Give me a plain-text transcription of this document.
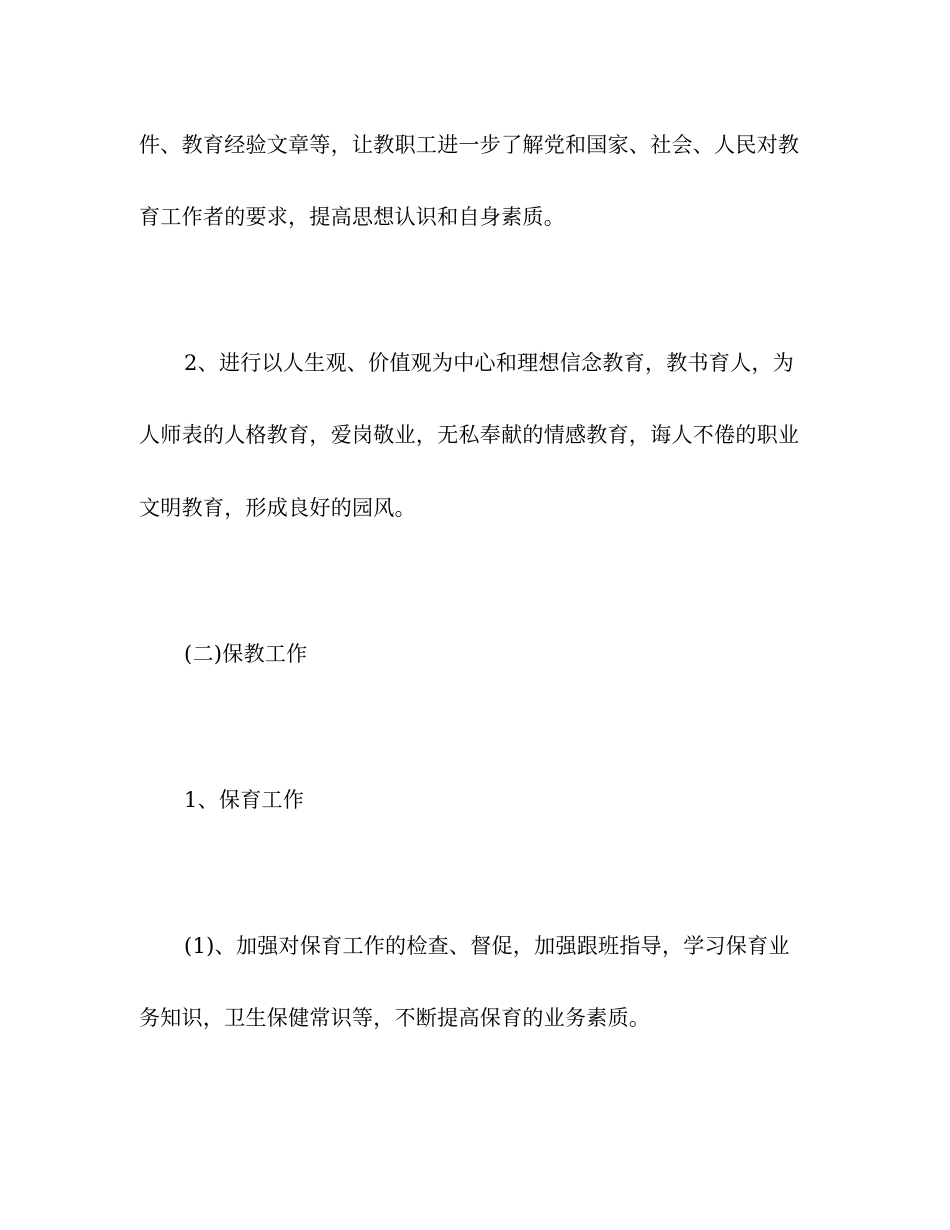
件、教育经验文章等，让教职工进一步了解党和国家、社会、人民对教
育工作者的要求，提高思想认识和自身素质。
2、进行以人生观、价值观为中心和理想信念教育，教书育人，为
人师表的人格教育，爱岗敬业，无私奉献的情感教育，诲人不倦的职业
文明教育，形成良好的园风。
(二)保教工作
1、保育工作
(1)、加强对保育工作的检查、督促，加强跟班指导，学习保育业
务知识，卫生保健常识等，不断提高保育的业务素质。
